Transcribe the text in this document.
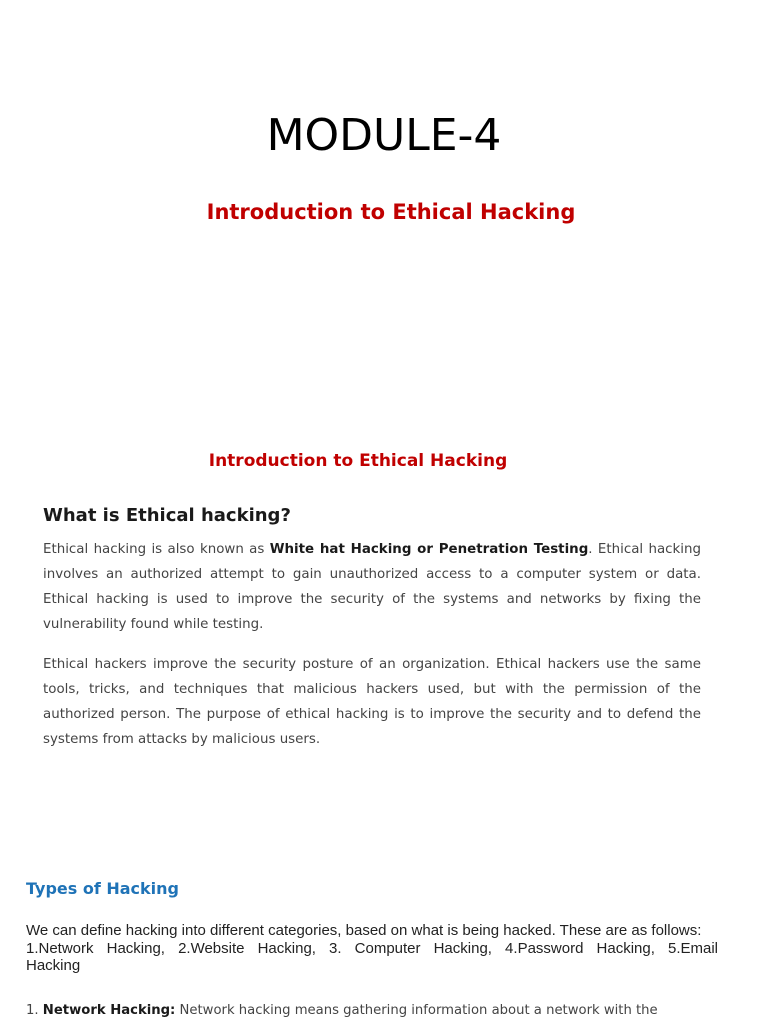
MODULE-4
Introduction to Ethical Hacking
Introduction to Ethical Hacking
What is Ethical hacking?

Ethical hacking is also known as White hat Hacking or Penetration Testing. Ethical hacking involves an authorized attempt to gain unauthorized access to a computer system or data. Ethical hacking is used to improve the security of the systems and networks by fixing the vulnerability found while testing.

Ethical hackers improve the security posture of an organization. Ethical hackers use the same tools, tricks, and techniques that malicious hackers used, but with the permission of the authorized person. The purpose of ethical hacking is to improve the security and to defend the systems from attacks by malicious users.

Types of Hacking

We can define hacking into different categories, based on what is being hacked. These are as follows:
1.Network Hacking, 2.Website Hacking, 3. Computer Hacking, 4.Password Hacking, 5.Email
Hacking

1. Network Hacking: Network hacking means gathering information about a network with the
